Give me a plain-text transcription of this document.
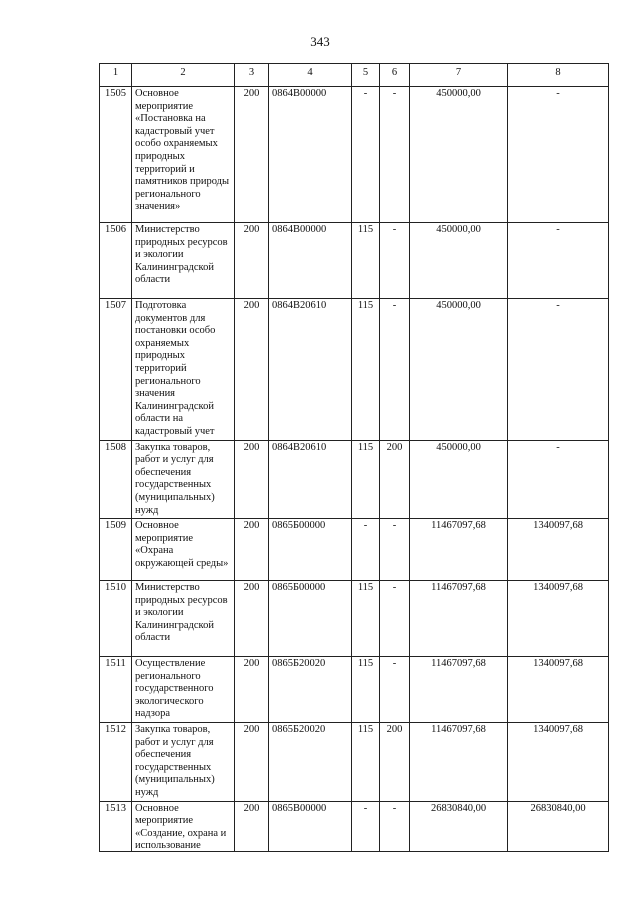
343
1	2	3	4	5	6	7	8
1505	Основное мероприятие «Постановка на кадастровый учет особо охраняемых природных территорий и памятников природы регионального значения»	200	0864В00000	-	-	450000,00	-
1506	Министерство природных ресурсов и экологии Калининградской области	200	0864В00000	115	-	450000,00	-
1507	Подготовка документов для постановки особо охраняемых природных территорий регионального значения Калининградской области на кадастровый учет	200	0864В20610	115	-	450000,00	-
1508	Закупка товаров, работ и услуг для обеспечения государственных (муниципальных) нужд	200	0864В20610	115	200	450000,00	-
1509	Основное мероприятие «Охрана окружающей среды»	200	0865Б00000	-	-	11467097,68	1340097,68
1510	Министерство природных ресурсов и экологии Калининградской области	200	0865Б00000	115	-	11467097,68	1340097,68
1511	Осуществление регионального государственного экологического надзора	200	0865Б20020	115	-	11467097,68	1340097,68
1512	Закупка товаров, работ и услуг для обеспечения государственных (муниципальных) нужд	200	0865Б20020	115	200	11467097,68	1340097,68
1513	Основное мероприятие «Создание, охрана и использование	200	0865В00000	-	-	26830840,00	26830840,00
